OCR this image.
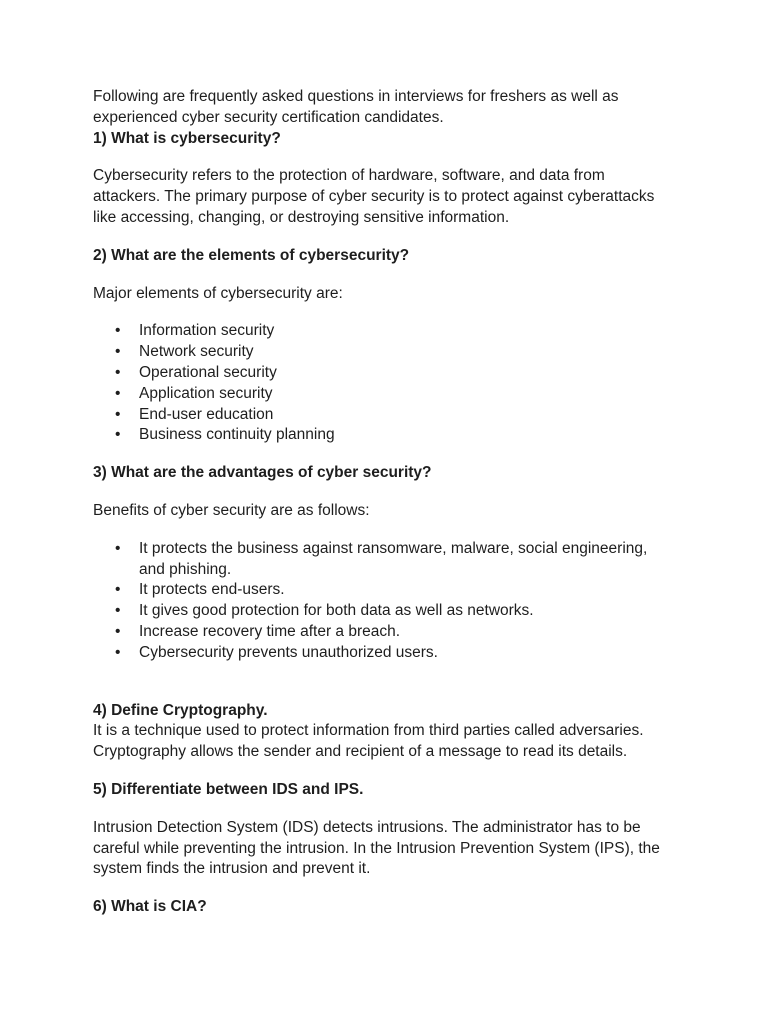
Following are frequently asked questions in interviews for freshers as well as experienced cyber security certification candidates.

1) What is cybersecurity?

Cybersecurity refers to the protection of hardware, software, and data from attackers. The primary purpose of cyber security is to protect against cyberattacks like accessing, changing, or destroying sensitive information.

2) What are the elements of cybersecurity?

Major elements of cybersecurity are:

• Information security
• Network security
• Operational security
• Application security
• End-user education
• Business continuity planning

3) What are the advantages of cyber security?

Benefits of cyber security are as follows:

• It protects the business against ransomware, malware, social engineering, and phishing.
• It protects end-users.
• It gives good protection for both data as well as networks.
• Increase recovery time after a breach.
• Cybersecurity prevents unauthorized users.

4) Define Cryptography.

It is a technique used to protect information from third parties called adversaries. Cryptography allows the sender and recipient of a message to read its details.

5) Differentiate between IDS and IPS.

Intrusion Detection System (IDS) detects intrusions. The administrator has to be careful while preventing the intrusion. In the Intrusion Prevention System (IPS), the system finds the intrusion and prevent it.

6) What is CIA?
